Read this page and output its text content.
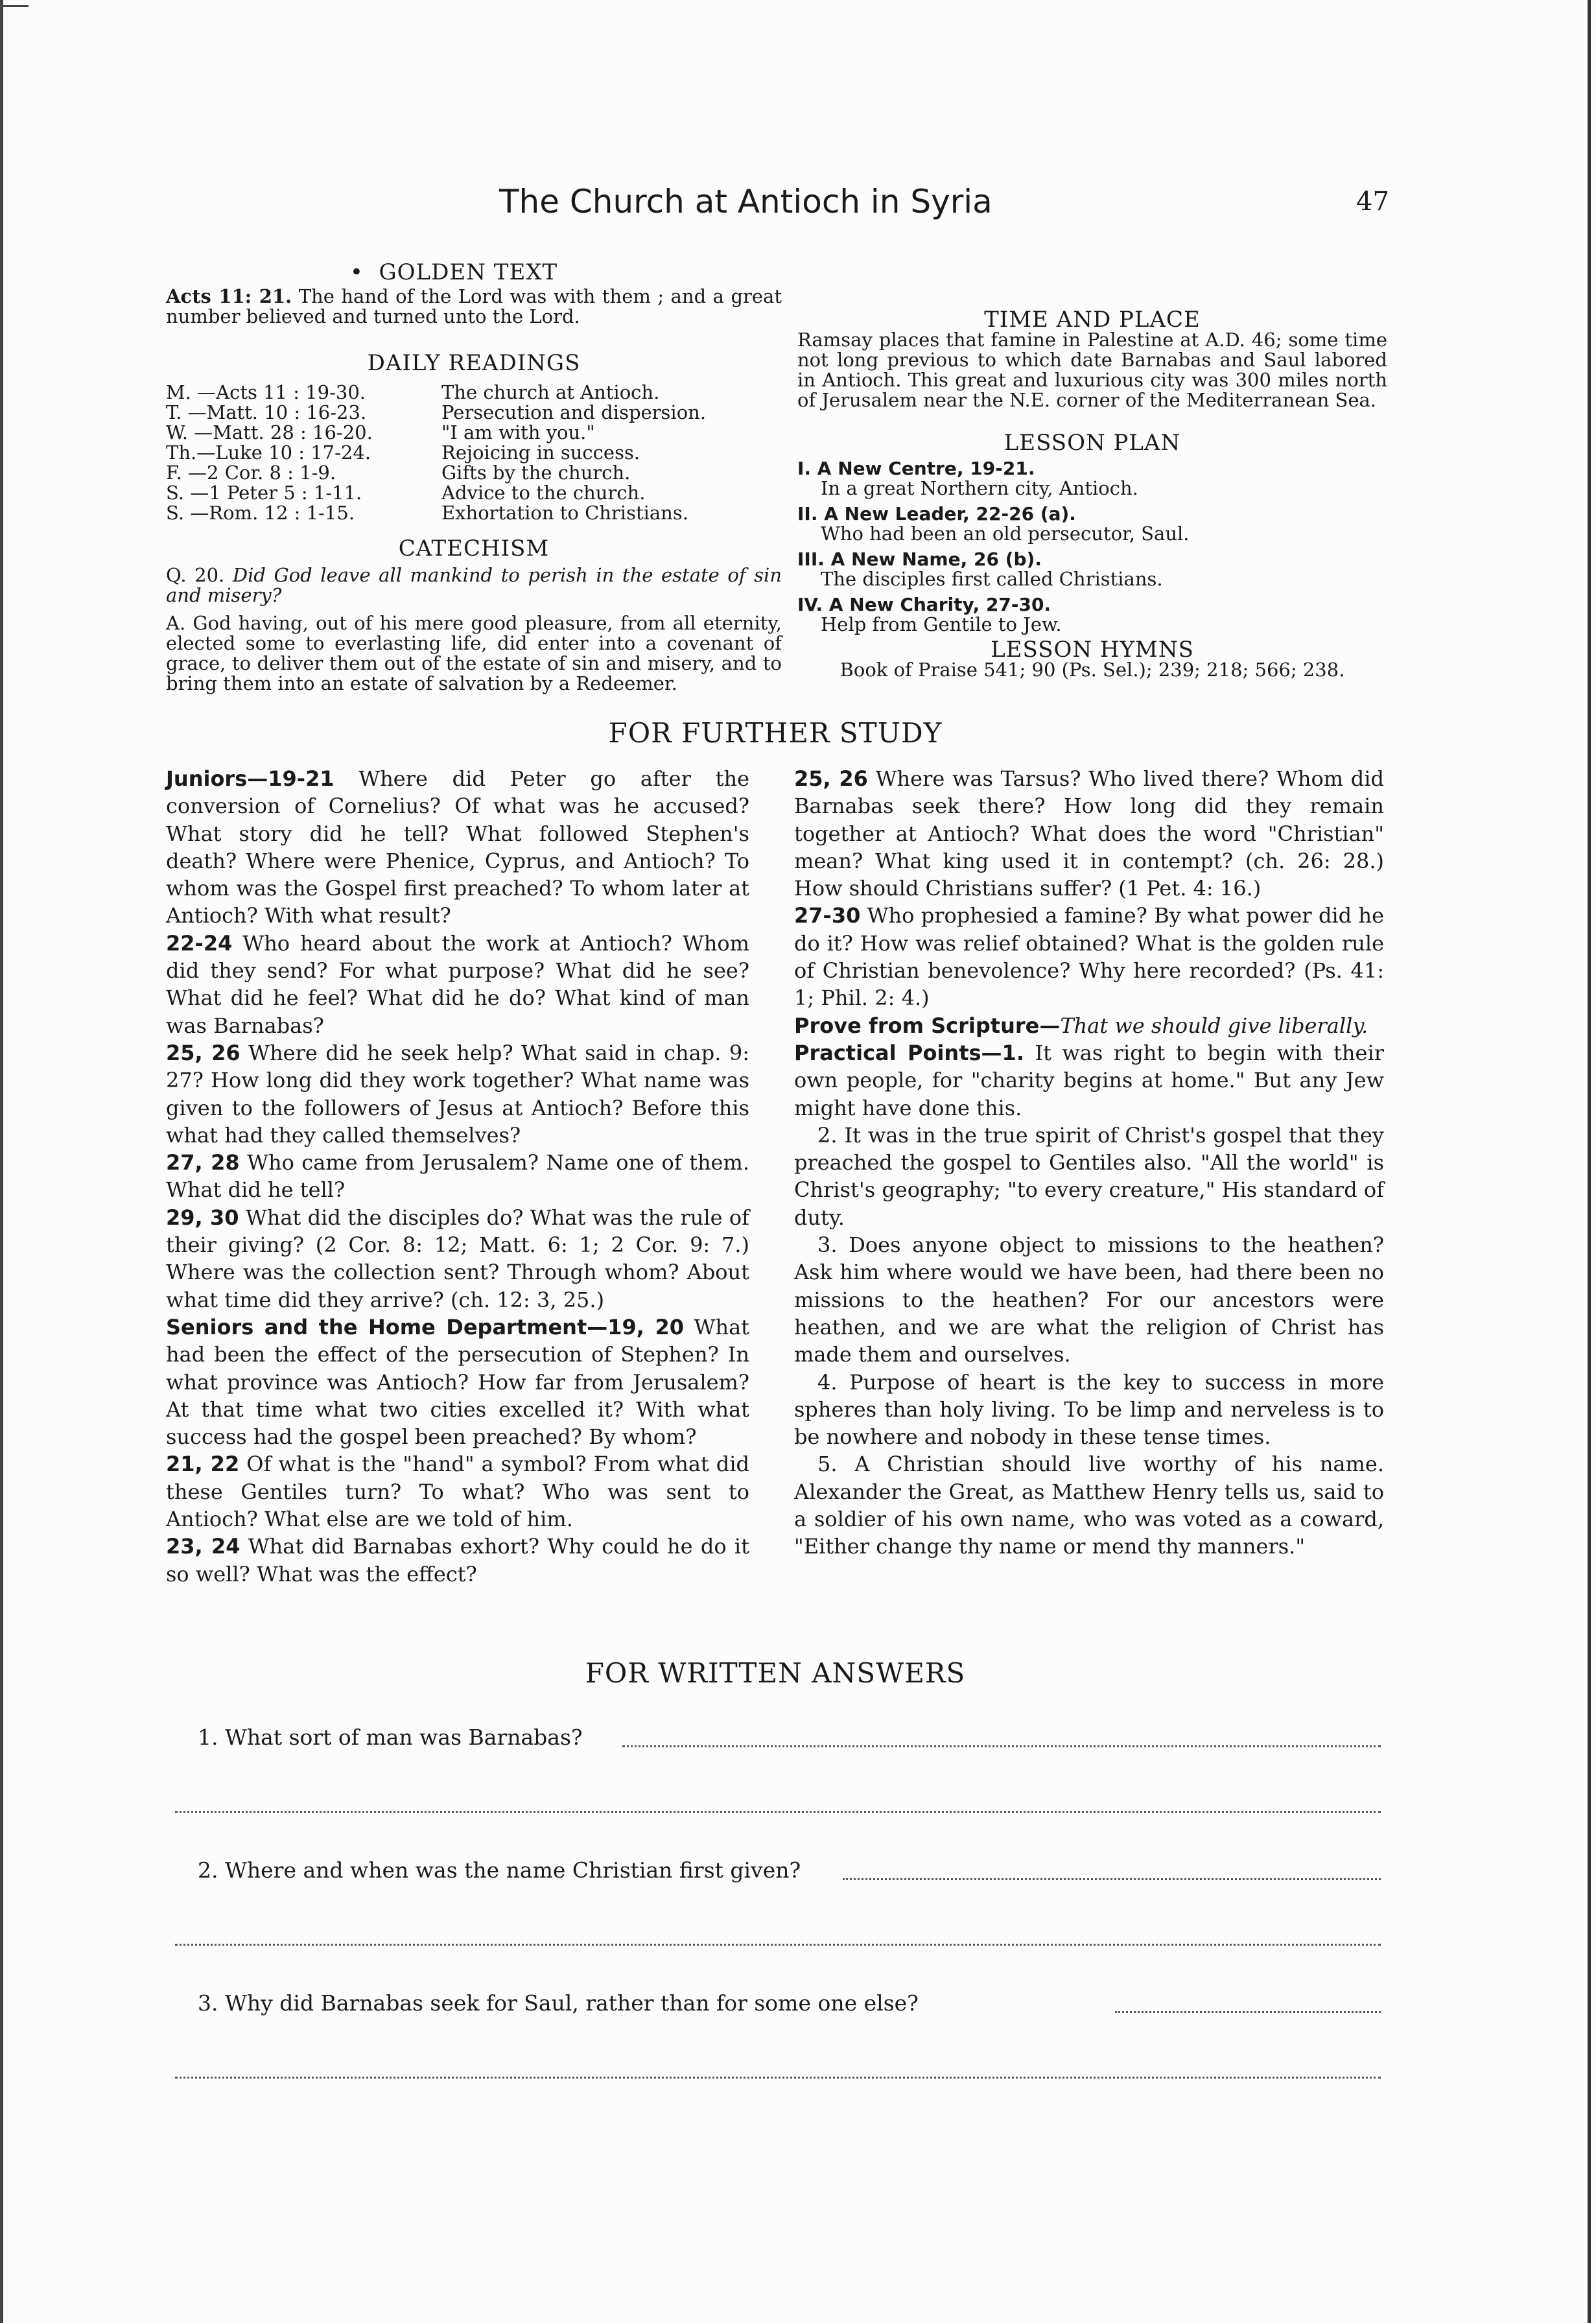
The Church at Antioch in Syria	47
•  GOLDEN TEXT
Acts 11: 21. The hand of the Lord was with them ; and a great number believed and turned unto the Lord.
DAILY READINGS
M. —Acts 11 : 19-30.	The church at Antioch.
T. —Matt. 10 : 16-23.	Persecution and dispersion.
W. —Matt. 28 : 16-20.	"I am with you."
Th.—Luke 10 : 17-24.	Rejoicing in success.
F. —2 Cor. 8 : 1-9.	Gifts by the church.
S. —1 Peter 5 : 1-11.	Advice to the church.
S. —Rom. 12 : 1-15.	Exhortation to Christians.
CATECHISM
Q. 20. Did God leave all mankind to perish in the estate of sin and misery?
A. God having, out of his mere good pleasure, from all eternity, elected some to everlasting life, did enter into a covenant of grace, to deliver them out of the estate of sin and misery, and to bring them into an estate of salvation by a Redeemer.
TIME AND PLACE
Ramsay places that famine in Palestine at A.D. 46; some time not long previous to which date Barnabas and Saul labored in Antioch. This great and luxurious city was 300 miles north of Jerusalem near the N.E. corner of the Mediterranean Sea.
LESSON PLAN
I. A New Centre, 19-21.
In a great Northern city, Antioch.
II. A New Leader, 22-26 (a).
Who had been an old persecutor, Saul.
III. A New Name, 26 (b).
The disciples first called Christians.
IV. A New Charity, 27-30.
Help from Gentile to Jew.
LESSON HYMNS
Book of Praise 541; 90 (Ps. Sel.); 239; 218; 566; 238.
FOR FURTHER STUDY

Juniors—19-21 Where did Peter go after the conversion of Cornelius? Of what was he accused? What story did he tell? What followed Stephen's death? Where were Phenice, Cyprus, and Antioch? To whom was the Gospel first preached? To whom later at Antioch? With what result?

22-24 Who heard about the work at Antioch? Whom did they send? For what purpose? What did he see? What did he feel? What did he do? What kind of man was Barnabas?

25, 26 Where did he seek help? What said in chap. 9: 27? How long did they work together? What name was given to the followers of Jesus at Antioch? Before this what had they called themselves?

27, 28 Who came from Jerusalem? Name one of them. What did he tell?

29, 30 What did the disciples do? What was the rule of their giving? (2 Cor. 8: 12; Matt. 6: 1; 2 Cor. 9: 7.) Where was the collection sent? Through whom? About what time did they arrive? (ch. 12: 3, 25.)

Seniors and the Home Department—19, 20 What had been the effect of the persecution of Stephen? In what province was Antioch? How far from Jerusalem? At that time what two cities excelled it? With what success had the gospel been preached? By whom?

21, 22 Of what is the "hand" a symbol? From what did these Gentiles turn? To what? Who was sent to Antioch? What else are we told of him.

23, 24 What did Barnabas exhort? Why could he do it so well? What was the effect?

25, 26 Where was Tarsus? Who lived there? Whom did Barnabas seek there? How long did they remain together at Antioch? What does the word "Christian" mean? What king used it in contempt? (ch. 26: 28.) How should Christians suffer? (1 Pet. 4: 16.)

27-30 Who prophesied a famine? By what power did he do it? How was relief obtained? What is the golden rule of Christian benevolence? Why here recorded? (Ps. 41: 1; Phil. 2: 4.)

Prove from Scripture—That we should give liberally.

Practical Points—1. It was right to begin with their own people, for "charity begins at home." But any Jew might have done this.

2. It was in the true spirit of Christ's gospel that they preached the gospel to Gentiles also. "All the world" is Christ's geography; "to every creature," His standard of duty.

3. Does anyone object to missions to the heathen? Ask him where would we have been, had there been no missions to the heathen? For our ancestors were heathen, and we are what the religion of Christ has made them and ourselves.

4. Purpose of heart is the key to success in more spheres than holy living. To be limp and nerveless is to be nowhere and nobody in these tense times.

5. A Christian should live worthy of his name. Alexander the Great, as Matthew Henry tells us, said to a soldier of his own name, who was voted as a coward, "Either change thy name or mend thy manners."

FOR WRITTEN ANSWERS
1. What sort of man was Barnabas?
2. Where and when was the name Christian first given?
3. Why did Barnabas seek for Saul, rather than for some one else?
